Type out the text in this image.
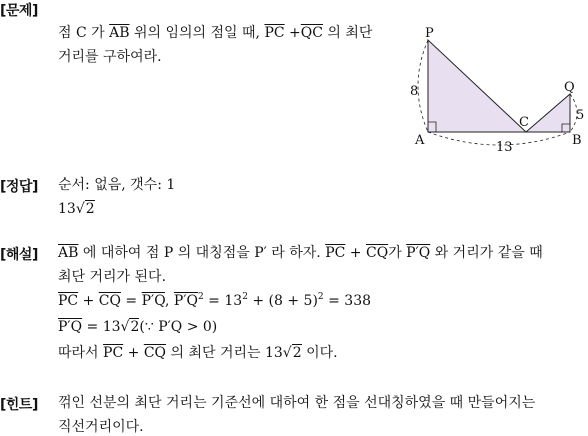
[문제]
점 C 가 $\overline{AB}$ 위의 임의의 점일 때, $\overline{PC} +\overline{QC}$ 의 최단
거리를 구하여라.
P
Q
A	B
C
8
5
13
[정답] 순서: 없음, 갯수: 1
13√2
[해설] $\overline{AB}$ 에 대하여 점 P 의 대칭점을 P′ 라 하자. $\overline{PC} + \overline{CQ}$가 P′Q 와 거리가 같을 때
최단 거리가 된다.
$\overline{PC} + \overline{CQ} = P'Q$, $P'Q^2 = 13^2 + (8 + 5)^2 = 338$
P′Q = 13√2(∵ P′Q > 0)
따라서 $\overline{PC} + \overline{CQ}$ 의 최단 거리는 13√2 이다.
[힌트] 꺾인 선분의 최단 거리는 기준선에 대하여 한 점을 선대칭하였을 때 만들어지는
직선거리이다.
